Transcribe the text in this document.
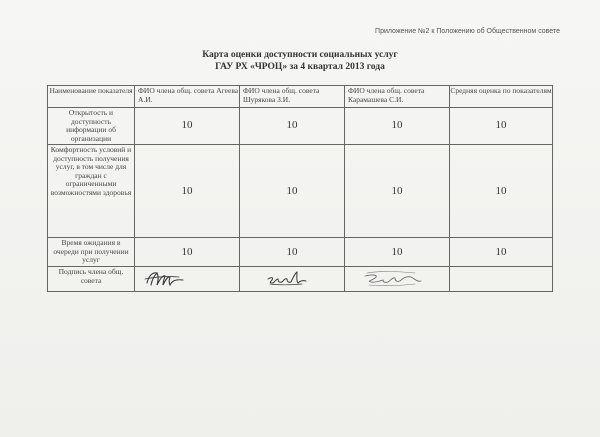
Приложение №2 к Положению об Общественном совете
Карта оценки доступности социальных услуг
ГАУ РХ «ЧРОЦ» за 4 квартал 2013 года
Наименование показателя	ФИО члена общ. совета Агеева А.И.	ФИО члена общ. совета Шурякова З.И.	ФИО члена общ. совета Карамашева С.И.	Средняя оценка по показателям
Открытость и доступность информации об организации	10	10	10	10
Комфортность условий и доступность получения услуг, в том числе для граждан с ограниченными возможностями здоровья	10	10	10	10
Время ожидания в очереди при получении услуг	10	10	10	10
Подпись члена общ. совета	
